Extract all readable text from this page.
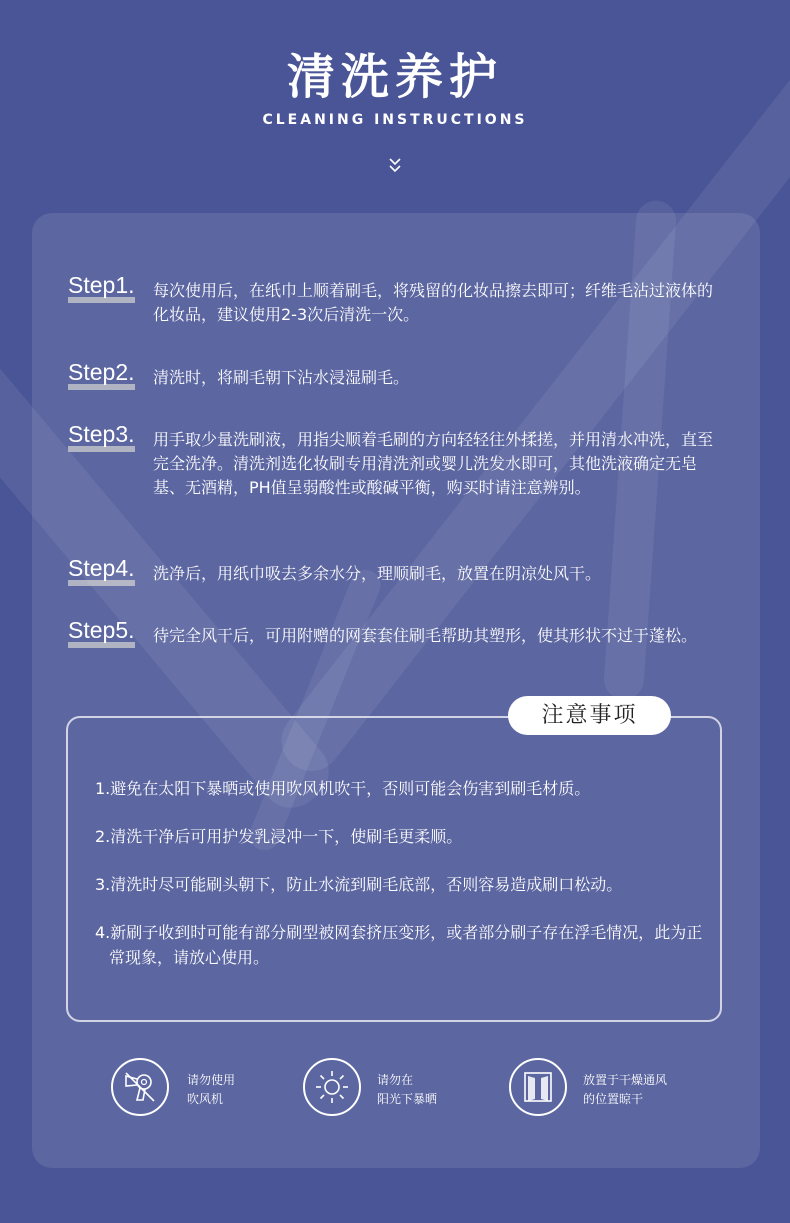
清洗养护
CLEANING INSTRUCTIONS
Step1. 每次使用后，在纸巾上顺着刷毛，将残留的化妆品擦去即可；纤维毛沾过液体的化妆品，建议使用2-3次后清洗一次。
Step2. 清洗时，将刷毛朝下沾水浸湿刷毛。
Step3. 用手取少量洗刷液，用指尖顺着毛刷的方向轻轻往外揉搓，并用清水冲洗，直至完全洗净。清洗剂选化妆刷专用清洗剂或婴儿洗发水即可，其他洗液确定无皂基、无酒精，PH值呈弱酸性或酸碱平衡，购买时请注意辨别。
Step4. 洗净后，用纸巾吸去多余水分，理顺刷毛，放置在阴凉处风干。
Step5. 待完全风干后，可用附赠的网套套住刷毛帮助其塑形，使其形状不过于蓬松。
注意事项
1.避免在太阳下暴晒或使用吹风机吹干，否则可能会伤害到刷毛材质。
2.清洗干净后可用护发乳浸冲一下，使刷毛更柔顺。
3.清洗时尽可能刷头朝下，防止水流到刷毛底部，否则容易造成刷口松动。
4.新刷子收到时可能有部分刷型被网套挤压变形，或者部分刷子存在浮毛情况，此为正常现象，请放心使用。
请勿使用
吹风机
请勿在
阳光下暴晒
放置于干燥通风
的位置晾干
